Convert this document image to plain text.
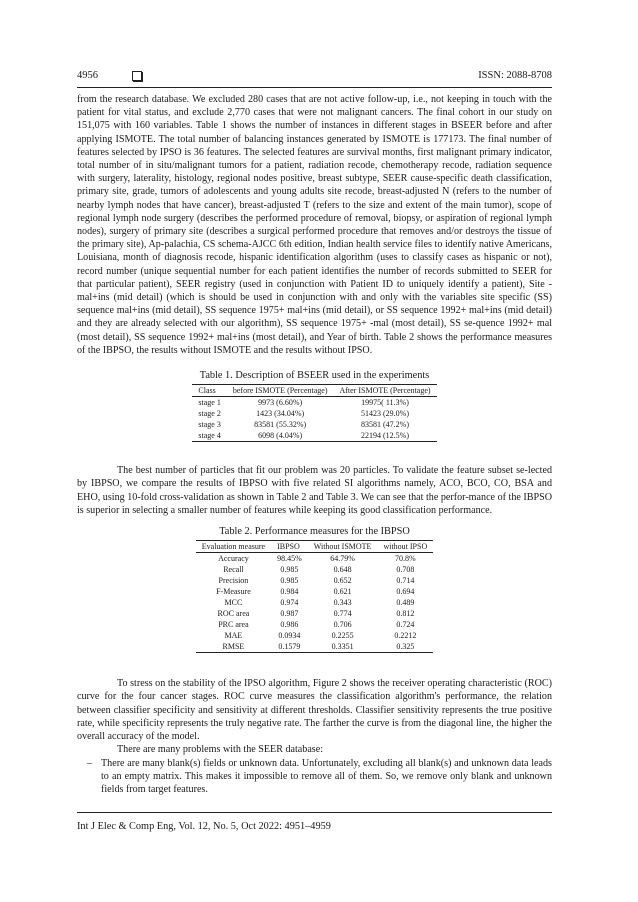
4956	ISSN: 2088-8708

from the research database. We excluded 280 cases that are not active follow-up, i.e., not keeping in touch with the patient for vital status, and exclude 2,770 cases that were not malignant cancers. The final cohort in our study on 151,075 with 160 variables. Table 1 shows the number of instances in different stages in BSEER before and after applying ISMOTE. The total number of balancing instances generated by ISMOTE is 177173. The final number of features selected by IPSO is 36 features. The selected features are survival months, first malignant primary indicator, total number of in situ/malignant tumors for a patient, radiation recode, chemotherapy recode, radiation sequence with surgery, laterality, histology, regional nodes positive, breast subtype, SEER cause-specific death classification, primary site, grade, tumors of adolescents and young adults site recode, breast-adjusted N (refers to the number of nearby lymph nodes that have cancer), breast-adjusted T (refers to the size and extent of the main tumor), scope of regional lymph node surgery (describes the performed procedure of removal, biopsy, or aspiration of regional lymph nodes), surgery of primary site (describes a surgical performed procedure that removes and/or destroys the tissue of the primary site), Ap-palachia, CS schema-AJCC 6th edition, Indian health service files to identify native Americans, Louisiana, month of diagnosis recode, hispanic identification algorithm (uses to classify cases as hispanic or not), record number (unique sequential number for each patient identifies the number of records submitted to SEER for that particular patient), SEER registry (used in conjunction with Patient ID to uniquely identify a patient), Site -mal+ins (mid detail) (which is should be used in conjunction with and only with the variables site specific (SS) sequence mal+ins (mid detail), SS sequence 1975+ mal+ins (mid detail), or SS sequence 1992+ mal+ins (mid detail) and they are already selected with our algorithm), SS sequence 1975+ -mal (most detail), SS se-quence 1992+ mal (most detail), SS sequence 1992+ mal+ins (most detail), and Year of birth. Table 2 shows the performance measures of the IBPSO, the results without ISMOTE and the results without IPSO.

Table 1. Description of BSEER used in the experiments
Class	before ISMOTE (Percentage)	After ISMOTE (Percentage)
stage 1	9973 (6.60%)	19975( 11.3%)
stage 2	1423 (34.04%)	51423 (29.0%)
stage 3	83581 (55.32%)	83581 (47.2%)
stage 4	6098 (4.04%)	22194 (12.5%)

The best number of particles that fit our problem was 20 particles. To validate the feature subset se-lected by IBPSO, we compare the results of IBPSO with five related SI algorithms namely, ACO, BCO, CO, BSA and EHO, using 10-fold cross-validation as shown in Table 2 and Table 3. We can see that the perfor-mance of the IBPSO is superior in selecting a smaller number of features while keeping its good classification performance.

Table 2. Performance measures for the IBPSO
Evaluation measure	IBPSO	Without ISMOTE	without IPSO
Accuracy	98.45%	64.79%	70.8%
Recall	0.985	0.648	0.708
Precision	0.985	0.652	0.714
F-Measure	0.984	0.621	0.694
MCC	0.974	0.343	0.489
ROC area	0.987	0.774	0.812
PRC area	0.986	0.706	0.724
MAE	0.0934	0.2255	0.2212
RMSE	0.1579	0.3351	0.325

To stress on the stability of the IPSO algorithm, Figure 2 shows the receiver operating characteristic (ROC) curve for the four cancer stages. ROC curve measures the classification algorithm's performance, the relation between classifier specificity and sensitivity at different thresholds. Classifier sensitivity represents the true positive rate, while specificity represents the truly negative rate. The farther the curve is from the diagonal line, the higher the overall accuracy of the model.

There are many problems with the SEER database:

– There are many blank(s) fields or unknown data. Unfortunately, excluding all blank(s) and unknown data leads to an empty matrix. This makes it impossible to remove all of them. So, we remove only blank and unknown fields from target features.
Int J Elec & Comp Eng, Vol. 12, No. 5, Oct 2022: 4951–4959
